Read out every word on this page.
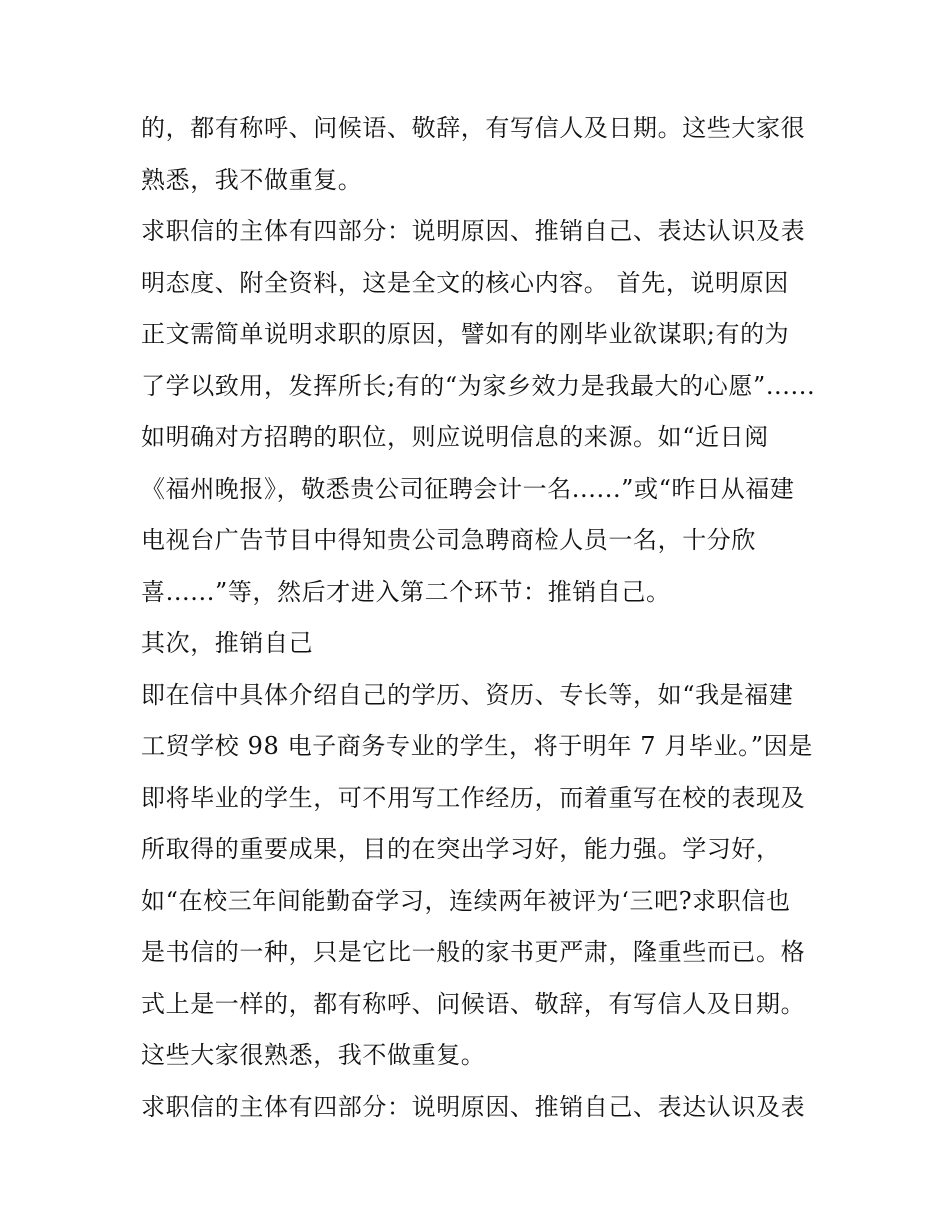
的，都有称呼、问候语、敬辞，有写信人及日期。这些大家很
熟悉，我不做重复。
求职信的主体有四部分：说明原因、推销自己、表达认识及表
明态度、附全资料，这是全文的核心内容。 首先，说明原因
正文需简单说明求职的原因，譬如有的刚毕业欲谋职;有的为
了学以致用，发挥所长;有的“为家乡效力是我最大的心愿”......
如明确对方招聘的职位，则应说明信息的来源。如“近日阅
《福州晚报》，敬悉贵公司征聘会计一名......”或“昨日从福建
电视台广告节目中得知贵公司急聘商检人员一名，十分欣
喜......”等，然后才进入第二个环节：推销自己。
其次，推销自己
即在信中具体介绍自己的学历、资历、专长等，如“我是福建
工贸学校 98 电子商务专业的学生，将于明年 7 月毕业。”因是
即将毕业的学生，可不用写工作经历，而着重写在校的表现及
所取得的重要成果，目的在突出学习好，能力强。学习好，
如“在校三年间能勤奋学习，连续两年被评为‘三吧?求职信也
是书信的一种，只是它比一般的家书更严肃，隆重些而已。格
式上是一样的，都有称呼、问候语、敬辞，有写信人及日期。
这些大家很熟悉，我不做重复。
求职信的主体有四部分：说明原因、推销自己、表达认识及表
